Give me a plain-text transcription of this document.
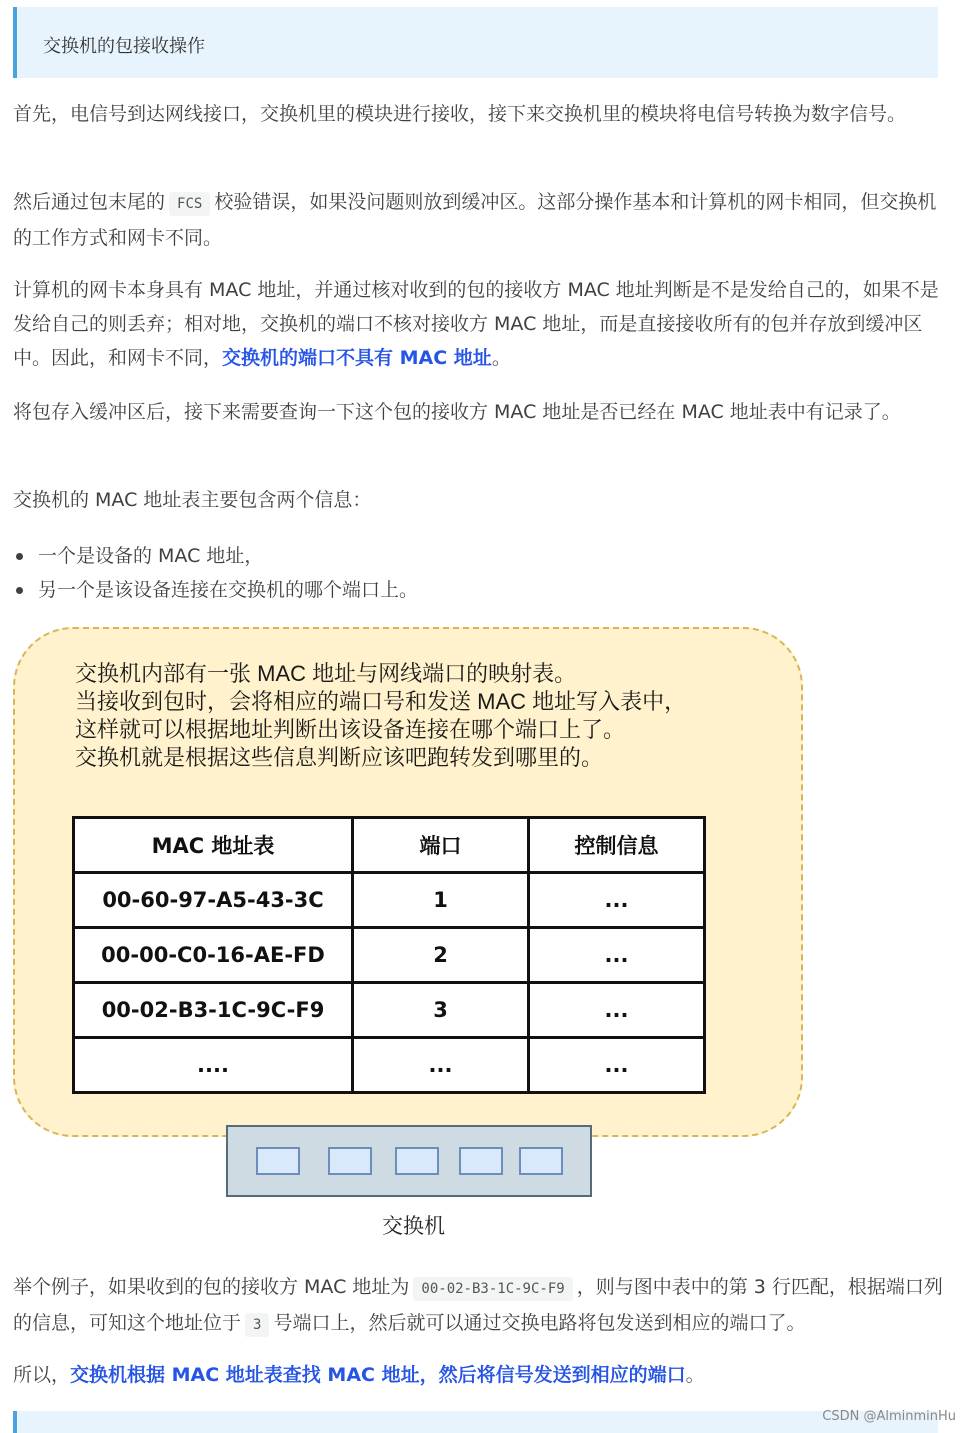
交换机的包接收操作

首先，电信号到达网线接口，交换机里的模块进行接收，接下来交换机里的模块将电信号转换为数字信号。

然后通过包末尾的 FCS 校验错误，如果没问题则放到缓冲区。这部分操作基本和计算机的网卡相同，但交换机的工作方式和网卡不同。

计算机的网卡本身具有 MAC 地址，并通过核对收到的包的接收方 MAC 地址判断是不是发给自己的，如果不是发给自己的则丢弃；相对地，交换机的端口不核对接收方 MAC 地址，而是直接接收所有的包并存放到缓冲区中。因此，和网卡不同，交换机的端口不具有 MAC 地址。

将包存入缓冲区后，接下来需要查询一下这个包的接收方 MAC 地址是否已经在 MAC 地址表中有记录了。

交换机的 MAC 地址表主要包含两个信息：

一个是设备的 MAC 地址，
另一个是该设备连接在交换机的哪个端口上。
交换机内部有一张 MAC 地址与网线端口的映射表。
当接收到包时，会将相应的端口号和发送 MAC 地址写入表中，
这样就可以根据地址判断出该设备连接在哪个端口上了。
交换机就是根据这些信息判断应该吧跑转发到哪里的。
MAC 地址表	端口	控制信息
00-60-97-A5-43-3C	1	...
00-00-C0-16-AE-FD	2	...
00-02-B3-1C-9C-F9	3	...
....	...	...
交换机

举个例子，如果收到的包的接收方 MAC 地址为 00-02-B3-1C-9C-F9 ，则与图中表中的第 3 行匹配，根据端口列的信息，可知这个地址位于 3 号端口上，然后就可以通过交换电路将包发送到相应的端口了。

所以，交换机根据 MAC 地址表查找 MAC 地址，然后将信号发送到相应的端口。

CSDN @AlminminHu
